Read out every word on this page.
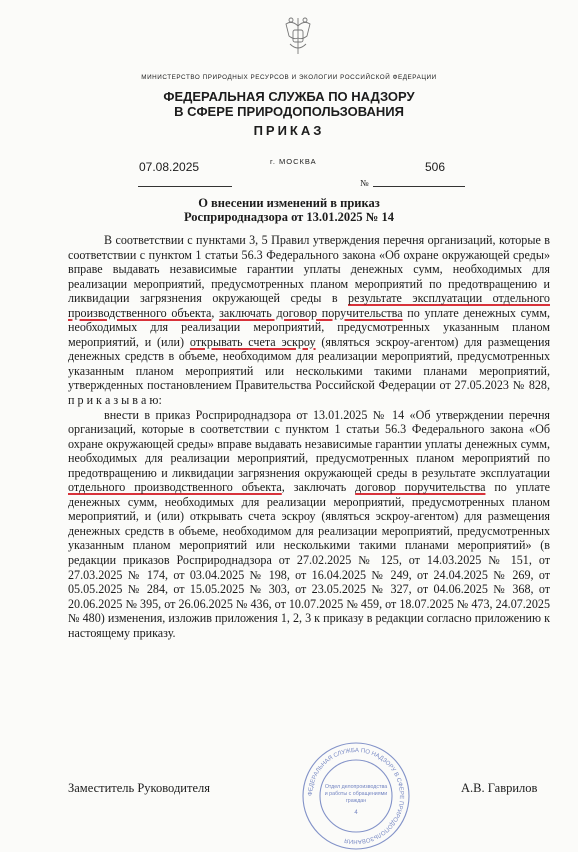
МИНИСТЕРСТВО ПРИРОДНЫХ РЕСУРСОВ И ЭКОЛОГИИ РОССИЙСКОЙ ФЕДЕРАЦИИ
ФЕДЕРАЛЬНАЯ СЛУЖБА ПО НАДЗОРУ
В СФЕРЕ ПРИРОДОПОЛЬЗОВАНИЯ
ПРИКАЗ
07.08.2025	г. МОСКВА
№
506
О внесении изменений в приказ
Росприроднадзора от 13.01.2025 № 14

В соответствии с пунктами 3, 5 Правил утверждения перечня организаций, которые в соответствии с пунктом 1 статьи 56.3 Федерального закона «Об охране окружающей среды» вправе выдавать независимые гарантии уплаты денежных сумм, необходимых для реализации мероприятий, предусмотренных планом мероприятий по предотвращению и ликвидации загрязнения окружающей среды в результате эксплуатации отдельного производственного объекта, заключать договор поручительства по уплате денежных сумм, необходимых для реализации мероприятий, предусмотренных указанным планом мероприятий, и (или) открывать счета эскроу (являться эскроу-агентом) для размещения денежных средств в объеме, необходимом для реализации мероприятий, предусмотренных указанным планом мероприятий или несколькими такими планами мероприятий, утвержденных постановлением Правительства Российской Федерации от 27.05.2023 № 828, п р и к а з ы в а ю:

внести в приказ Росприроднадзора от 13.01.2025 № 14 «Об утверждении перечня организаций, которые в соответствии с пунктом 1 статьи 56.3 Федерального закона «Об охране окружающей среды» вправе выдавать независимые гарантии уплаты денежных сумм, необходимых для реализации мероприятий, предусмотренных планом мероприятий по предотвращению и ликвидации загрязнения окружающей среды в результате эксплуатации отдельного производственного объекта, заключать договор поручительства по уплате денежных сумм, необходимых для реализации мероприятий, предусмотренных планом мероприятий, и (или) открывать счета эскроу (являться эскроу-агентом) для размещения денежных средств в объеме, необходимом для реализации мероприятий, предусмотренных указанным планом мероприятий или несколькими такими планами мероприятий» (в редакции приказов Росприроднадзора от 27.02.2025 № 125, от 14.03.2025 № 151, от 27.03.2025 № 174, от 03.04.2025 № 198, от 16.04.2025 № 249, от 24.04.2025 № 269, от 05.05.2025 № 284, от 15.05.2025 № 303, от 23.05.2025 № 327, от 04.06.2025 № 368, от 20.06.2025 № 395, от 26.06.2025 № 436, от 10.07.2025 № 459, от 18.07.2025 № 473, 24.07.2025 № 480) изменения, изложив приложения 1, 2, 3 к приказу в редакции согласно приложению к настоящему приказу.

ФЕДЕРАЛЬНАЯ СЛУЖБА ПО НАДЗОРУ В СФЕРЕ ПРИРОДОПОЛЬЗОВАНИЯ
Отдел делопроизводства
и работы с обращениями
граждан
4
Заместитель Руководителя	А.В. Гаврилов
